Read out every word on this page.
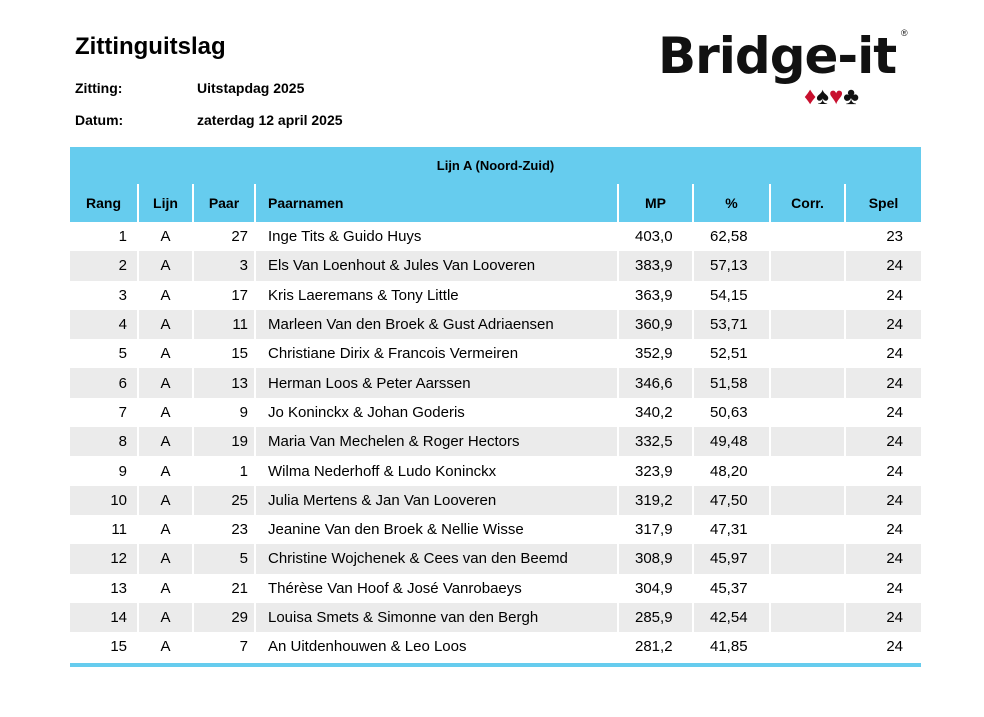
Zittinguitslag
Zitting:	Uitstapdag 2025
Datum:	zaterdag 12 april 2025
Bridge-it ®
♦♠♥♣
Lijn A (Noord-Zuid)
Rang	Lijn	Paar	Paarnamen	MP	%	Corr.	Spel
1	A	27	Inge Tits & Guido Huys	403,0	62,58		23
2	A	3	Els Van Loenhout & Jules Van Looveren	383,9	57,13		24
3	A	17	Kris Laeremans & Tony Little	363,9	54,15		24
4	A	11	Marleen Van den Broek & Gust Adriaensen	360,9	53,71		24
5	A	15	Christiane Dirix & Francois Vermeiren	352,9	52,51		24
6	A	13	Herman Loos & Peter Aarssen	346,6	51,58		24
7	A	9	Jo Koninckx & Johan Goderis	340,2	50,63		24
8	A	19	Maria Van Mechelen & Roger Hectors	332,5	49,48		24
9	A	1	Wilma Nederhoff & Ludo Koninckx	323,9	48,20		24
10	A	25	Julia Mertens & Jan Van Looveren	319,2	47,50		24
11	A	23	Jeanine Van den Broek & Nellie Wisse	317,9	47,31		24
12	A	5	Christine Wojchenek & Cees van den Beemd	308,9	45,97		24
13	A	21	Thérèse Van Hoof & José Vanrobaeys	304,9	45,37		24
14	A	29	Louisa Smets & Simonne van den Bergh	285,9	42,54		24
15	A	7	An Uitdenhouwen & Leo Loos	281,2	41,85		24
